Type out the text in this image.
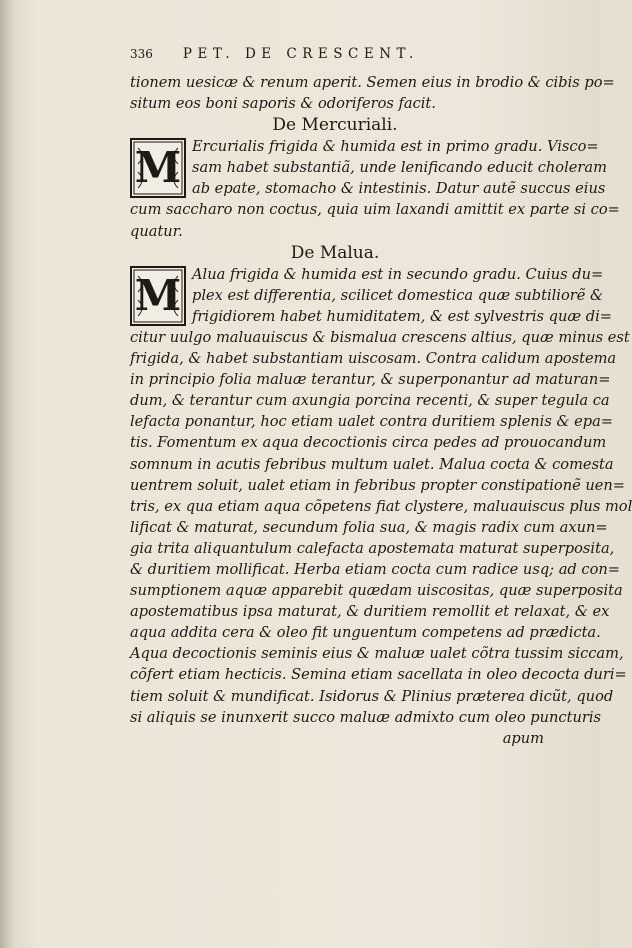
336 PET. DE CRESCENT.
tionem uesicæ & renum aperit. Semen eius in brodio & cibis po=
situm eos boni saporis & odoriferos facit.
De Mercuriali.
M Ercurialis frigida & humida est in primo gradu. Visco=
sam habet substantiã, unde lenificando educit choleram
ab epate, stomacho & intestinis. Datur autẽ succus eius
cum saccharo non coctus, quia uim laxandi amittit ex parte si co=
quatur.
De Malua.
M Alua frigida & humida est in secundo gradu. Cuius du=
plex est differentia, scilicet domestica quæ subtiliorẽ &
frigidiorem habet humiditatem, & est sylvestris quæ di=
citur uulgo maluauiscus & bismalua crescens altius, quæ minus est
frigida, & habet substantiam uiscosam. Contra calidum apostema
in principio folia maluæ terantur, & superponantur ad maturan=
dum, & terantur cum axungia porcina recenti, & super tegula ca
lefacta ponantur, hoc etiam ualet contra duritiem splenis & epa=
tis. Fomentum ex aqua decoctionis circa pedes ad prouocandum
somnum in acutis febribus multum ualet. Malua cocta & comesta
uentrem soluit, ualet etiam in febribus propter constipationẽ uen=
tris, ex qua etiam aqua cõpetens fiat clystere, maluauiscus plus mol
lificat & maturat, secundum folia sua, & magis radix cum axun=
gia trita aliquantulum calefacta apostemata maturat superposita,
& duritiem mollificat. Herba etiam cocta cum radice usq; ad con=
sumptionem aquæ apparebit quædam uiscositas, quæ superposita
apostematibus ipsa maturat, & duritiem remollit et relaxat, & ex
aqua addita cera & oleo fit unguentum competens ad prædicta.
Aqua decoctionis seminis eius & maluæ ualet cõtra tussim siccam,
cõfert etiam hecticis. Semina etiam sacellata in oleo decocta duri=
tiem soluit & mundificat. Isidorus & Plinius præterea dicũt, quod
si aliquis se inunxerit succo maluæ admixto cum oleo puncturis
apum
